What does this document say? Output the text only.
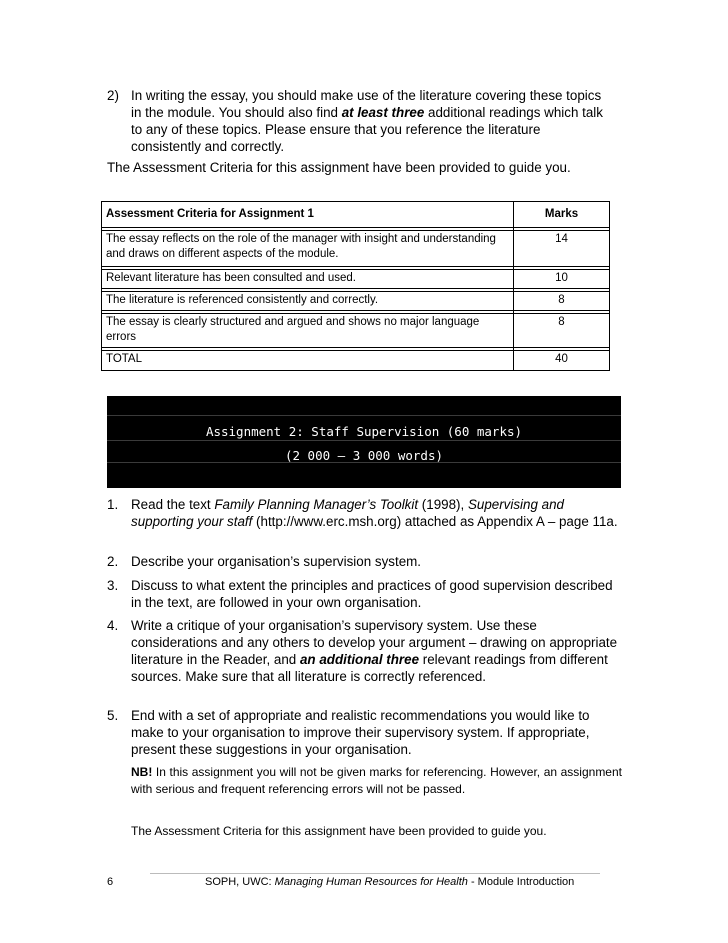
2) In writing the essay, you should make use of the literature covering these topics in the module. You should also find at least three additional readings which talk to any of these topics. Please ensure that you reference the literature consistently and correctly.
The Assessment Criteria for this assignment have been provided to guide you.
Assessment Criteria for Assignment 1	Marks

The essay reflects on the role of the manager with insight and understanding and draws on different aspects of the module.	14

Relevant literature has been consulted and used.	10

The literature is referenced consistently and correctly.	8

The essay is clearly structured and argued and shows no major language errors	8

TOTAL	40
Assignment 2: Staff Supervision (60 marks)
(2 000 – 3 000 words)
1. Read the text Family Planning Manager’s Toolkit (1998), Supervising and supporting your staff (http://www.erc.msh.org) attached as Appendix A – page 11a.
2. Describe your organisation’s supervision system.
3. Discuss to what extent the principles and practices of good supervision described in the text, are followed in your own organisation.
4. Write a critique of your organisation’s supervisory system. Use these considerations and any others to develop your argument – drawing on appropriate literature in the Reader, and an additional three relevant readings from different sources. Make sure that all literature is correctly referenced.
5. End with a set of appropriate and realistic recommendations you would like to make to your organisation to improve their supervisory system. If appropriate, present these suggestions in your organisation.
NB! In this assignment you will not be given marks for referencing. However, an assignment with serious and frequent referencing errors will not be passed.
The Assessment Criteria for this assignment have been provided to guide you.
6	SOPH, UWC: Managing Human Resources for Health - Module Introduction
